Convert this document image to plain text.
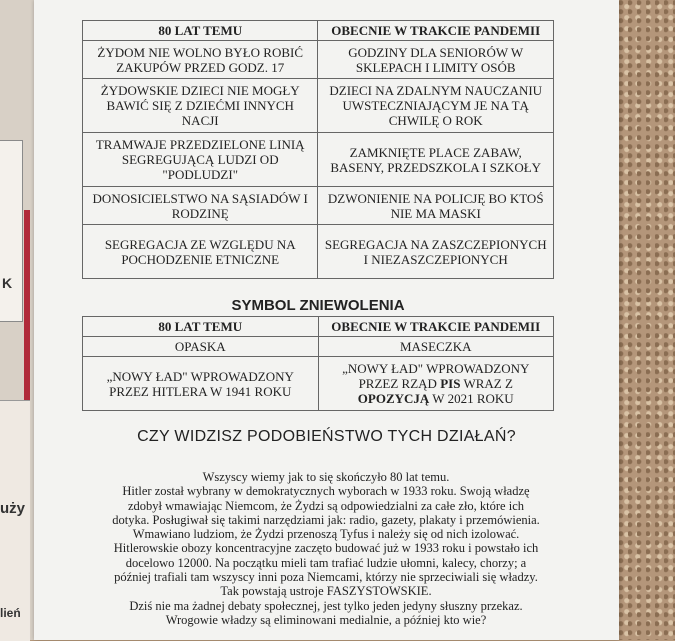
K
użу
lień
80 LAT TEMU	OBECNIE W TRAKCIE PANDEMII
ŻYDOM NIE WOLNO BYŁO ROBIĆ ZAKUPÓW PRZED GODZ. 17	GODZINY DLA SENIORÓW W SKLEPACH I LIMITY OSÓB
ŻYDOWSKIE DZIECI NIE MOGŁY BAWIĆ SIĘ Z DZIEĆMI INNYCH NACJI	DZIECI NA ZDALNYM NAUCZANIU UWSTECZNIAJĄCYM JE NA TĄ CHWILĘ O ROK
TRAMWAJE PRZEDZIELONE LINIĄ SEGREGUJĄCĄ LUDZI OD "PODLUDZI"	ZAMKNIĘTE PLACE ZABAW, BASENY, PRZEDSZKOLA I SZKOŁY
DONOSICIELSTWO NA SĄSIADÓW I RODZINĘ	DZWONIENIE NA POLICJĘ BO KTOŚ NIE MA MASKI
SEGREGACJA ZE WZGLĘDU NA POCHODZENIE ETNICZNE	SEGREGACJA NA ZASZCZEPIONYCH I NIEZASZCZEPIONYCH
SYMBOL ZNIEWOLENIA
80 LAT TEMU	OBECNIE W TRAKCIE PANDEMII
OPASKA	MASECZKA
„NOWY ŁAD" WPROWADZONY PRZEZ HITLERA W 1941 ROKU	„NOWY ŁAD" WPROWADZONY PRZEZ RZĄD PIS WRAZ Z OPOZYCJĄ W 2021 ROKU
CZY WIDZISZ PODOBIEŃSTWO TYCH DZIAŁAŃ?

Wszyscy wiemy jak to się skończyło 80 lat temu.

Hitler został wybrany w demokratycznych wyborach w 1933 roku. Swoją władzę

zdobył wmawiając Niemcom, że Żydzi są odpowiedzialni za całe zło, które ich

dotyka. Posługiwał się takimi narzędziami jak: radio, gazety, plakaty i przemówienia.

Wmawiano ludziom, że Żydzi przenoszą Tyfus i należy się od nich izolować.

Hitlerowskie obozy koncentracyjne zaczęto budować już w 1933 roku i powstało ich

docelowo 12000. Na początku mieli tam trafiać ludzie ułomni, kalecy, chorzy; a

później trafiali tam wszyscy inni poza Niemcami, którzy nie sprzeciwiali się władzy.

Tak powstają ustroje FASZYSTOWSKIE.

Dziś nie ma żadnej debaty społecznej, jest tylko jeden jedyny słuszny przekaz.

Wrogowie władzy są eliminowani medialnie, a później kto wie?
